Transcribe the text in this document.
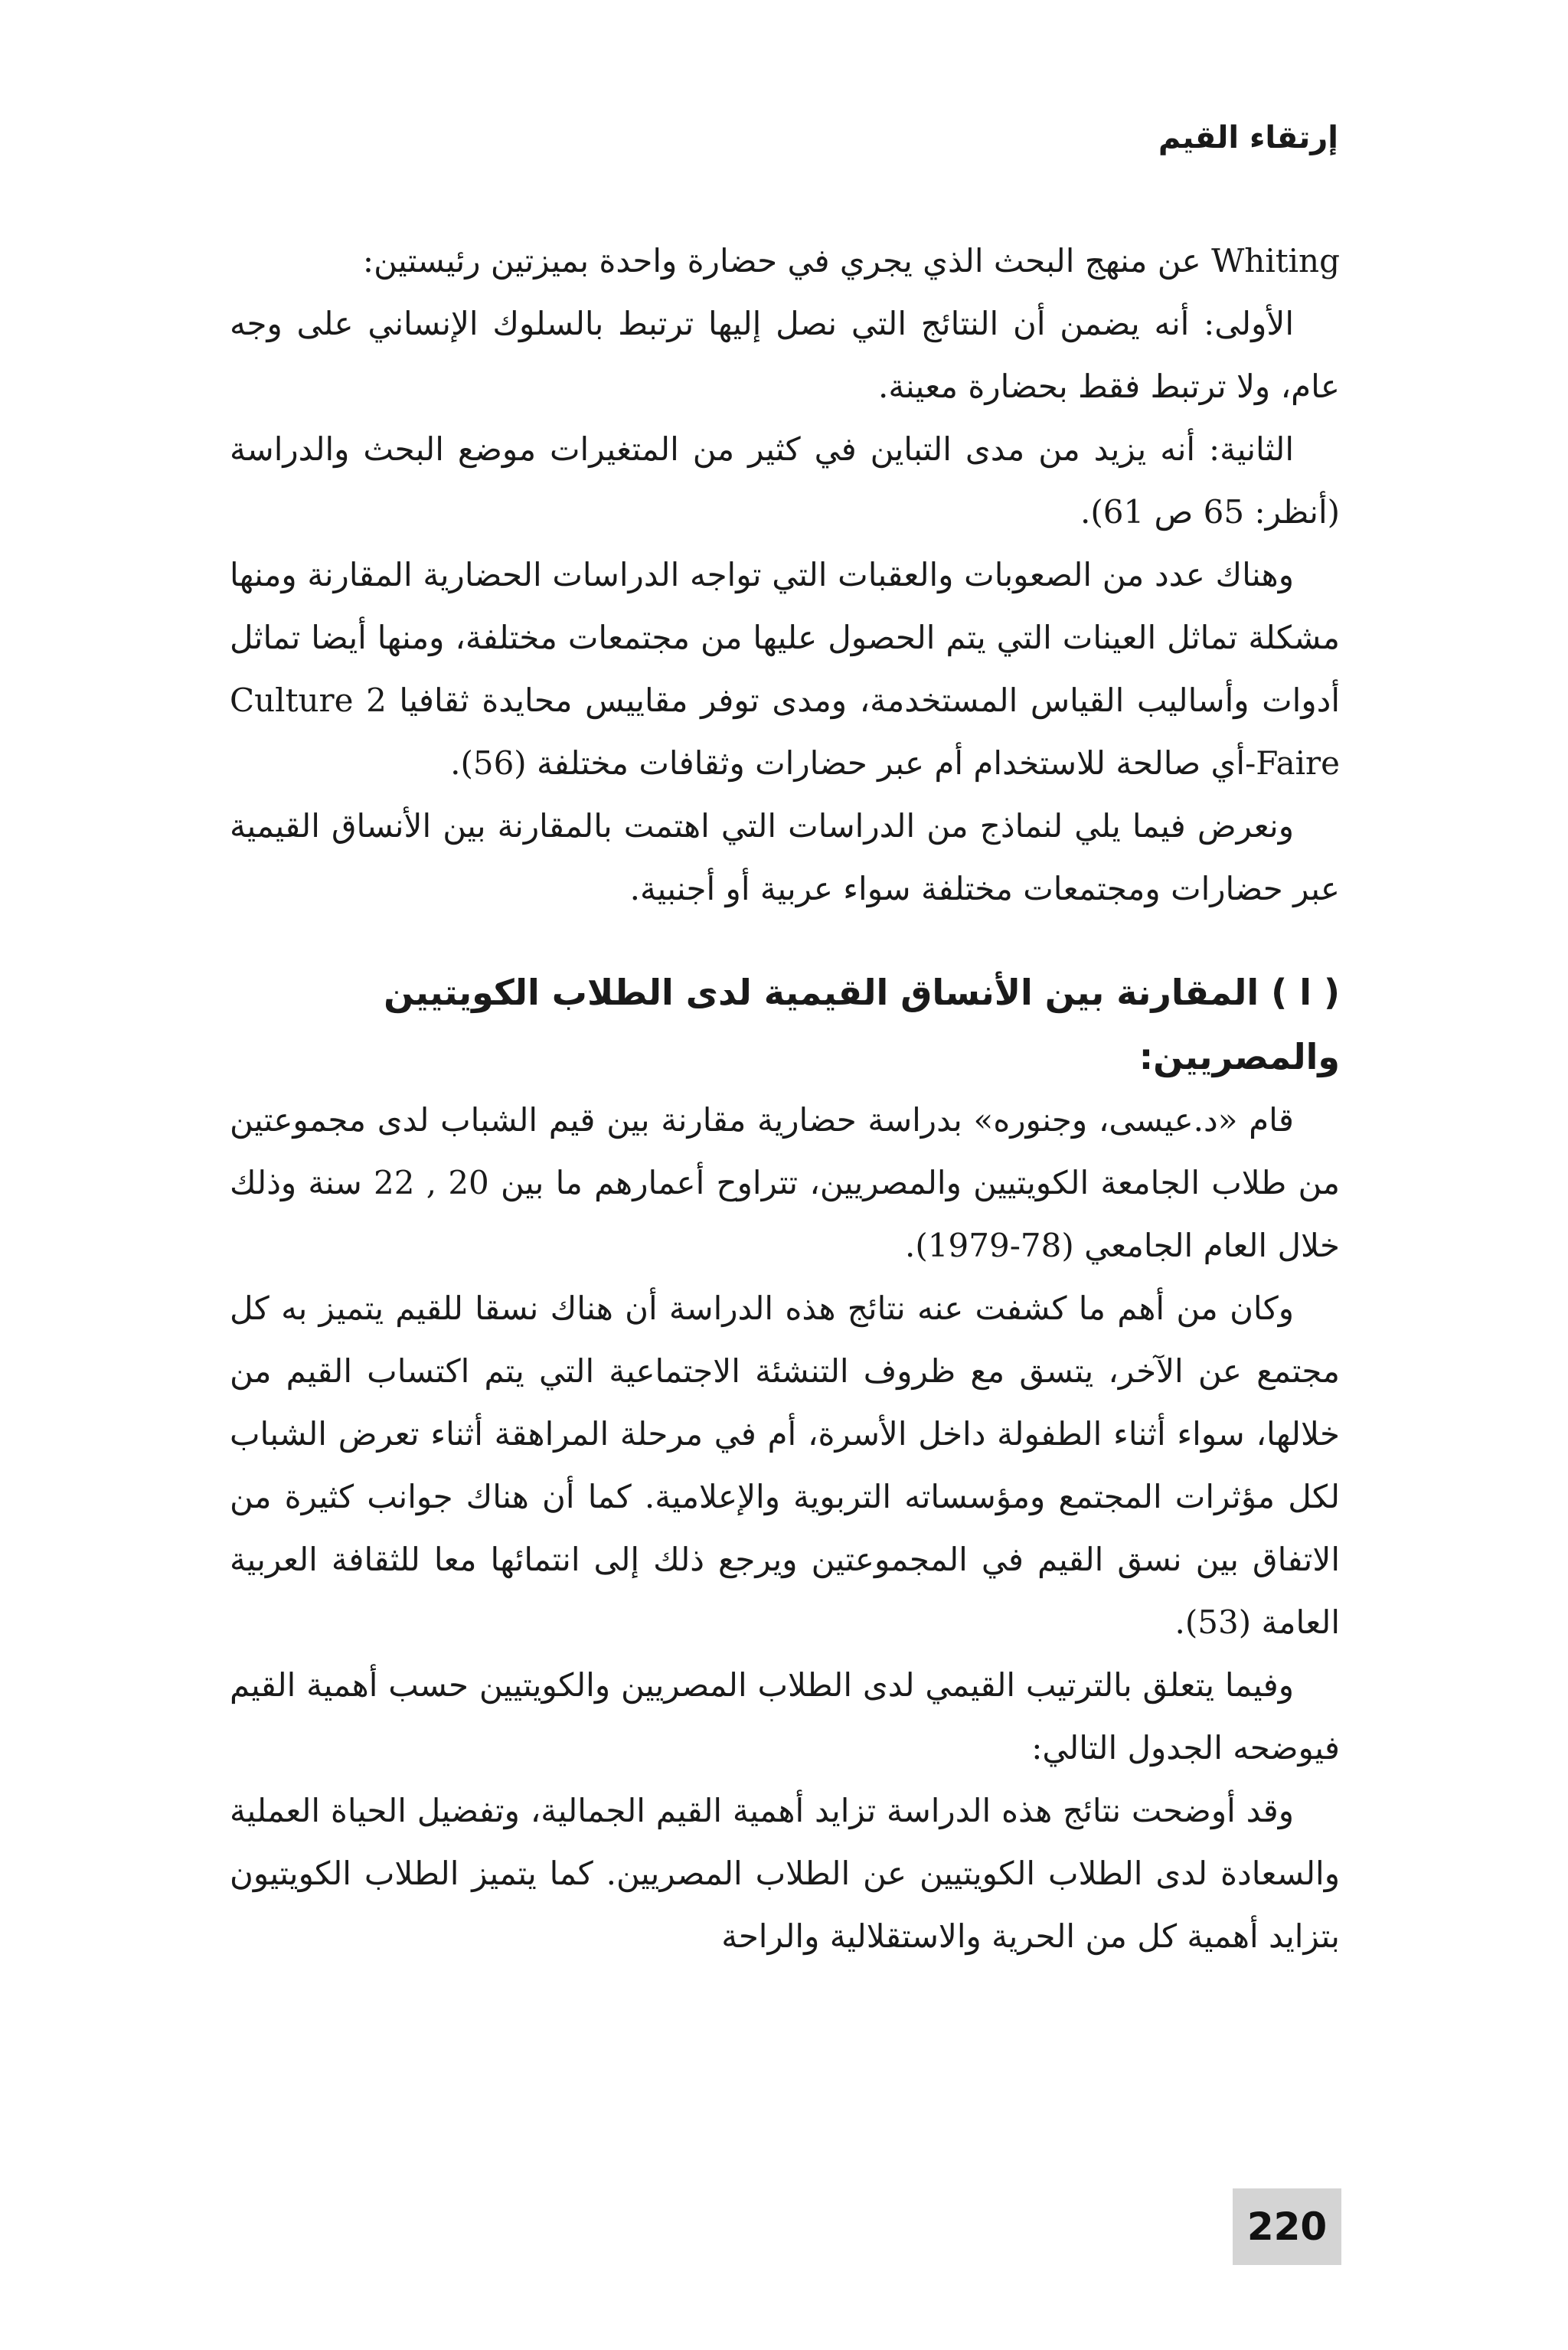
إرتقاء القيم

Whiting عن منهج البحث الذي يجري في حضارة واحدة بميزتين رئيستين:

الأولى: أنه يضمن أن النتائج التي نصل إليها ترتبط بالسلوك الإنساني على وجه عام، ولا ترتبط فقط بحضارة معينة.

الثانية: أنه يزيد من مدى التباين في كثير من المتغيرات موضع البحث والدراسة (أنظر: 65 ص 61).

وهناك عدد من الصعوبات والعقبات التي تواجه الدراسات الحضارية المقارنة ومنها مشكلة تماثل العينات التي يتم الحصول عليها من مجتمعات مختلفة، ومنها أيضا تماثل أدوات وأساليب القياس المستخدمة، ومدى توفر مقاييس محايدة ثقافيا Culture 2 Faire-أي صالحة للاستخدام أم عبر حضارات وثقافات مختلفة (56).

ونعرض فيما يلي لنماذج من الدراسات التي اهتمت بالمقارنة بين الأنساق القيمية عبر حضارات ومجتمعات مختلفة سواء عربية أو أجنبية.

( ا ) المقارنة بين الأنساق القيمية لدى الطلاب الكويتيين والمصريين:

قام «د.عيسى، وجنوره» بدراسة حضارية مقارنة بين قيم الشباب لدى مجموعتين من طلاب الجامعة الكويتيين والمصريين، تتراوح أعمارهم ما بين 20 , 22 سنة وذلك خلال العام الجامعي (78-1979).

وكان من أهم ما كشفت عنه نتائج هذه الدراسة أن هناك نسقا للقيم يتميز به كل مجتمع عن الآخر، يتسق مع ظروف التنشئة الاجتماعية التي يتم اكتساب القيم من خلالها، سواء أثناء الطفولة داخل الأسرة، أم في مرحلة المراهقة أثناء تعرض الشباب لكل مؤثرات المجتمع ومؤسساته التربوية والإعلامية. كما أن هناك جوانب كثيرة من الاتفاق بين نسق القيم في المجموعتين ويرجع ذلك إلى انتمائها معا للثقافة العربية العامة (53).

وفيما يتعلق بالترتيب القيمي لدى الطلاب المصريين والكويتيين حسب أهمية القيم فيوضحه الجدول التالي:

وقد أوضحت نتائج هذه الدراسة تزايد أهمية القيم الجمالية، وتفضيل الحياة العملية والسعادة لدى الطلاب الكويتيين عن الطلاب المصريين. كما يتميز الطلاب الكويتيون بتزايد أهمية كل من الحرية والاستقلالية والراحة

220
